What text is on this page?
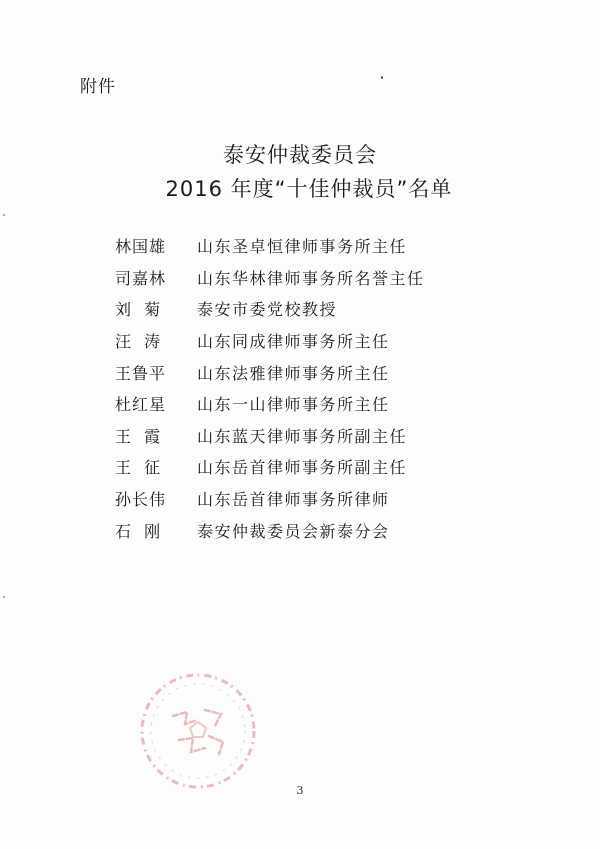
附件
泰安仲裁委员会
2016 年度“十佳仲裁员”名单
林国雄	山东圣卓恒律师事务所主任
司嘉林	山东华林律师事务所名誉主任
刘  菊	泰安市委党校教授
汪  涛	山东同成律师事务所主任
王鲁平	山东法雅律师事务所主任
杜红星	山东一山律师事务所主任
王  霞	山东蓝天律师事务所副主任
王  征	山东岳首律师事务所副主任
孙长伟	山东岳首律师事务所律师
石  刚	泰安仲裁委员会新泰分会
3
